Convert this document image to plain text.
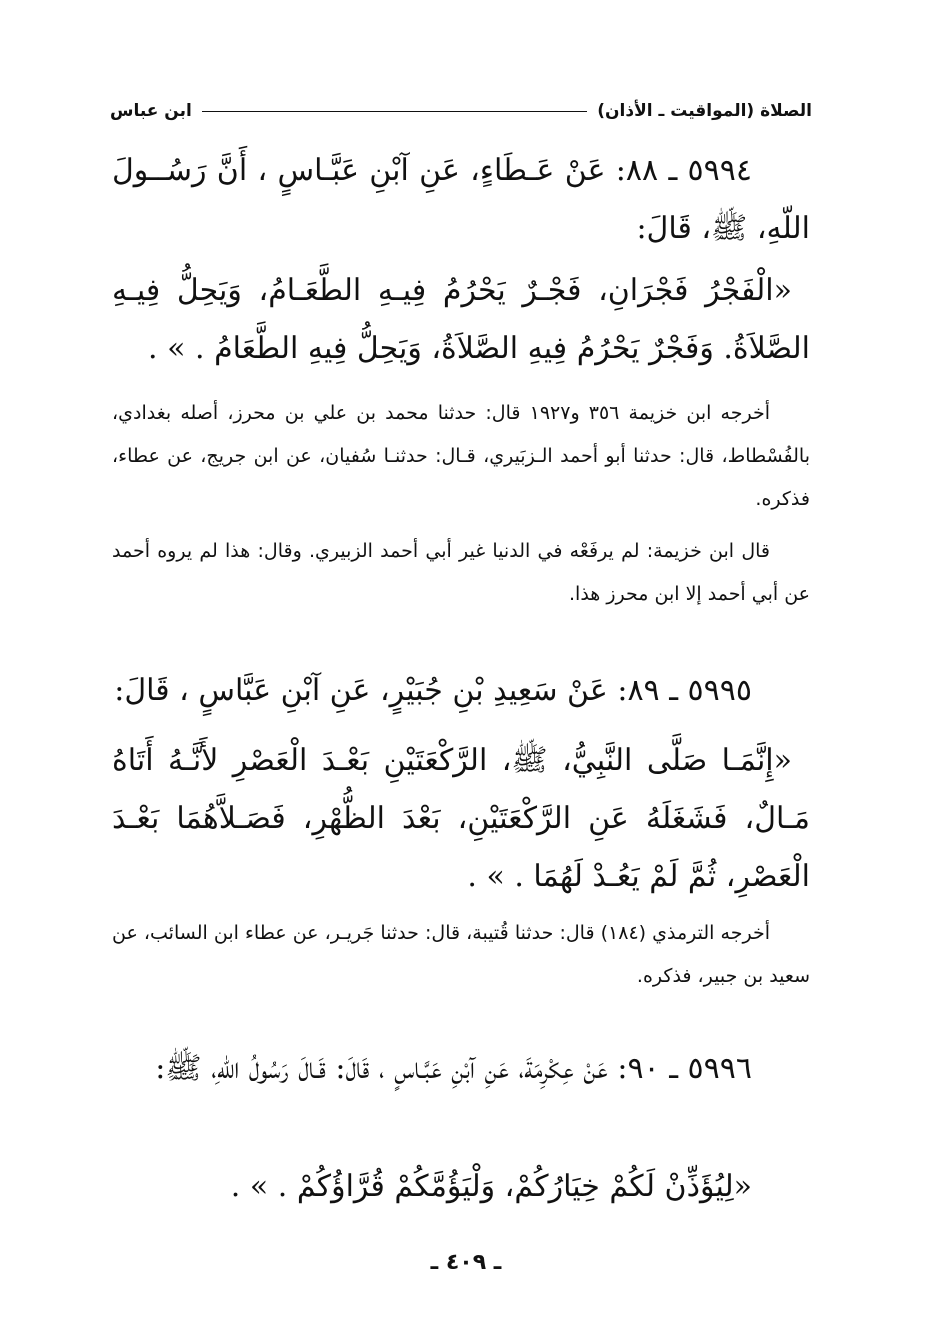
الصلاة (المواقيت ـ الأذان)
ابن عباس
٥٩٩٤ ـ ٨٨: عَنْ عَـطَاءٍ، عَنِ آبْنِ عَبَّـاسٍ ، أَنَّ رَسُــولَ اللّهِ، ﷺ، قَالَ:
«الْفَجْرُ فَجْرَانِ، فَجْـرٌ يَحْرُمُ فِيـهِ الطَّعَـامُ، وَيَحِلُّ فِيـهِ الصَّلاَةُ. وَفَجْرٌ يَحْرُمُ فِيهِ الصَّلاَةُ، وَيَحِلُّ فِيهِ الطَّعَامُ . » .
أخرجه ابن خزيمة ٣٥٦ و١٩٢٧ قال: حدثنا محمد بن علي بن محرز، أصله بغدادي، بالفُسْطاط، قال: حدثنا أبو أحمد الـزبَيري، قـال: حدثنـا سُفيان، عن ابن جريج، عن عطاء، فذكره.
قال ابن خزيمة: لم يرفَعْه في الدنيا غير أبي أحمد الزبيري. وقال: هذا لم يروه أحمد عن أبي أحمد إلا ابن محرز هذا.
٥٩٩٥ ـ ٨٩: عَنْ سَعِيدِ بْنِ جُبَيْرٍ، عَنِ آبْنِ عَبَّاسٍ ، قَالَ:
«إِنَّمَـا صَلَّى النَّبِيُّ، ﷺ، الرَّكْعَتَيْنِ بَعْـدَ الْعَصْرِ لأَنَّـهُ أَتَاهُ مَـالٌ، فَشَغَلَهُ عَنِ الرَّكْعَتَيْنِ، بَعْدَ الظُّهْرِ، فَصَـلاَّهُمَا بَعْـدَ الْعَصْرِ، ثُمَّ لَمْ يَعُـدْ لَهُمَا . » .
أخرجه الترمذي (١٨٤) قال: حدثنا قُتيبة، قال: حدثنا جَريـر، عن عطاء ابن السائب، عن سعيد بن جبير، فذكره.
٥٩٩٦ ـ ٩٠: عَنْ عِكْرِمَةَ، عَنِ آبْنِ عَبَّـاسٍ ، قَالَ: قَـالَ رَسُولُ اللّهِ، ﷺ:
«لِيُؤَذِّنْ لَكُمْ خِيَارُكُمْ، وَلْيَؤُمَّكُمْ قُرَّاؤُكُمْ . » .
ـ ٤٠٩ ـ
